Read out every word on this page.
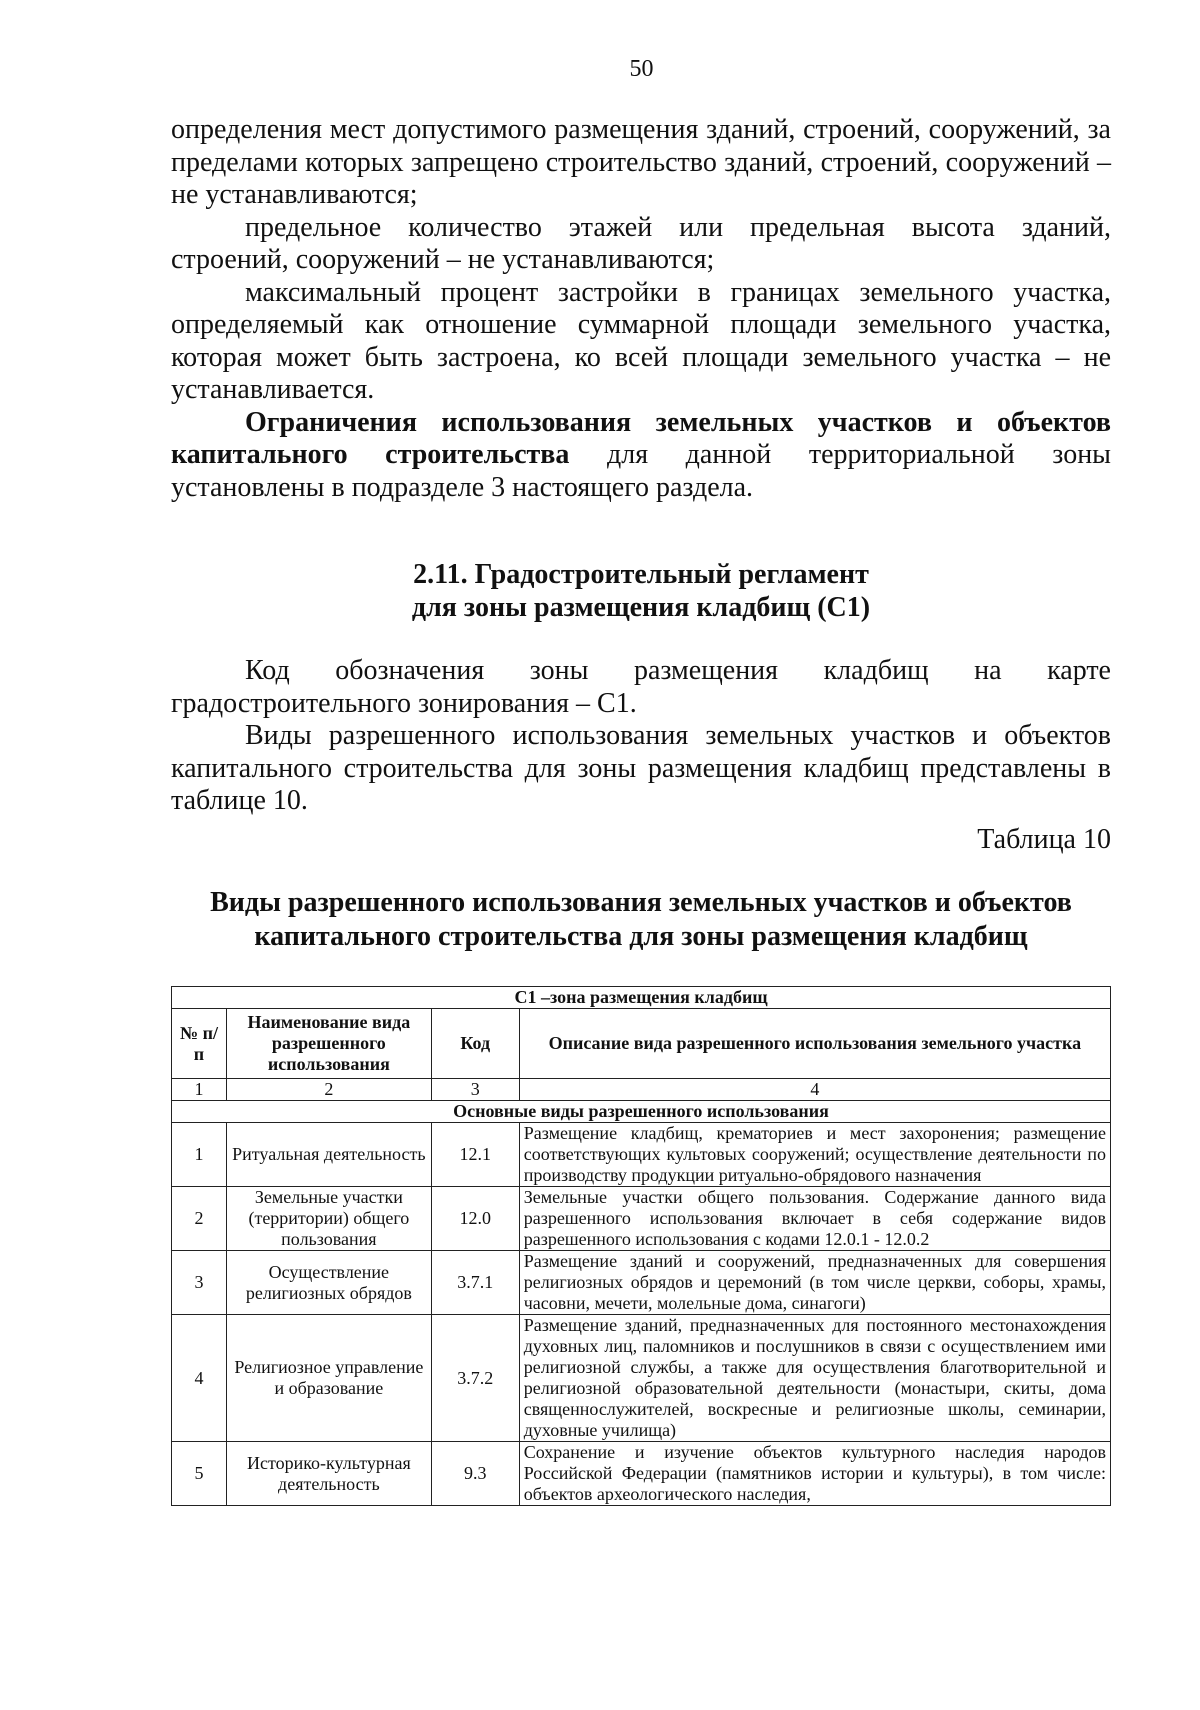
50

определения мест допустимого размещения зданий, строений, сооружений, за пределами которых запрещено строительство зданий, строений, сооружений – не устанавливаются;

предельное количество этажей или предельная высота зданий, строений, сооружений – не устанавливаются;

максимальный процент застройки в границах земельного участка, определяемый как отношение суммарной площади земельного участка, которая может быть застроена, ко всей площади земельного участка – не устанавливается.

Ограничения использования земельных участков и объектов капитального строительства для данной территориальной зоны установлены в подразделе 3 настоящего раздела.

2.11. Градостроительный регламент
для зоны размещения кладбищ (С1)

Код обозначения зоны размещения кладбищ на карте градостроительного зонирования – С1.

Виды разрешенного использования земельных участков и объектов капитального строительства для зоны размещения кладбищ представлены в таблице 10.

Таблица 10
Виды разрешенного использования земельных участков и объектов
капитального строительства для зоны размещения кладбищ
С1 –зона размещения кладбищ			
№ п/п	Наименование вида разрешенного использования	Код	Описание вида разрешенного использования земельного участка
1	2	3	4
Основные виды разрешенного использования			
1	Ритуальная деятельность	12.1	Размещение кладбищ, крематориев и мест захоронения; размещение соответствующих культовых сооружений; осуществление деятельности по производству продукции ритуально-обрядового назначения
2	Земельные участки (территории) общего пользования	12.0	Земельные участки общего пользования. Содержание данного вида разрешенного использования включает в себя содержание видов разрешенного использования с кодами 12.0.1 - 12.0.2
3	Осуществление религиозных обрядов	3.7.1	Размещение зданий и сооружений, предназначенных для совершения религиозных обрядов и церемоний (в том числе церкви, соборы, храмы, часовни, мечети, молельные дома, синагоги)
4	Религиозное управление и образование	3.7.2	Размещение зданий, предназначенных для постоянного местонахождения духовных лиц, паломников и послушников в связи с осуществлением ими религиозной службы, а также для осуществления благотворительной и религиозной образовательной деятельности (монастыри, скиты, дома священнослужителей, воскресные и религиозные школы, семинарии, духовные училища)
5	Историко-культурная деятельность	9.3	Сохранение и изучение объектов культурного наследия народов Российской Федерации (памятников истории и культуры), в том числе: объектов археологического наследия,
